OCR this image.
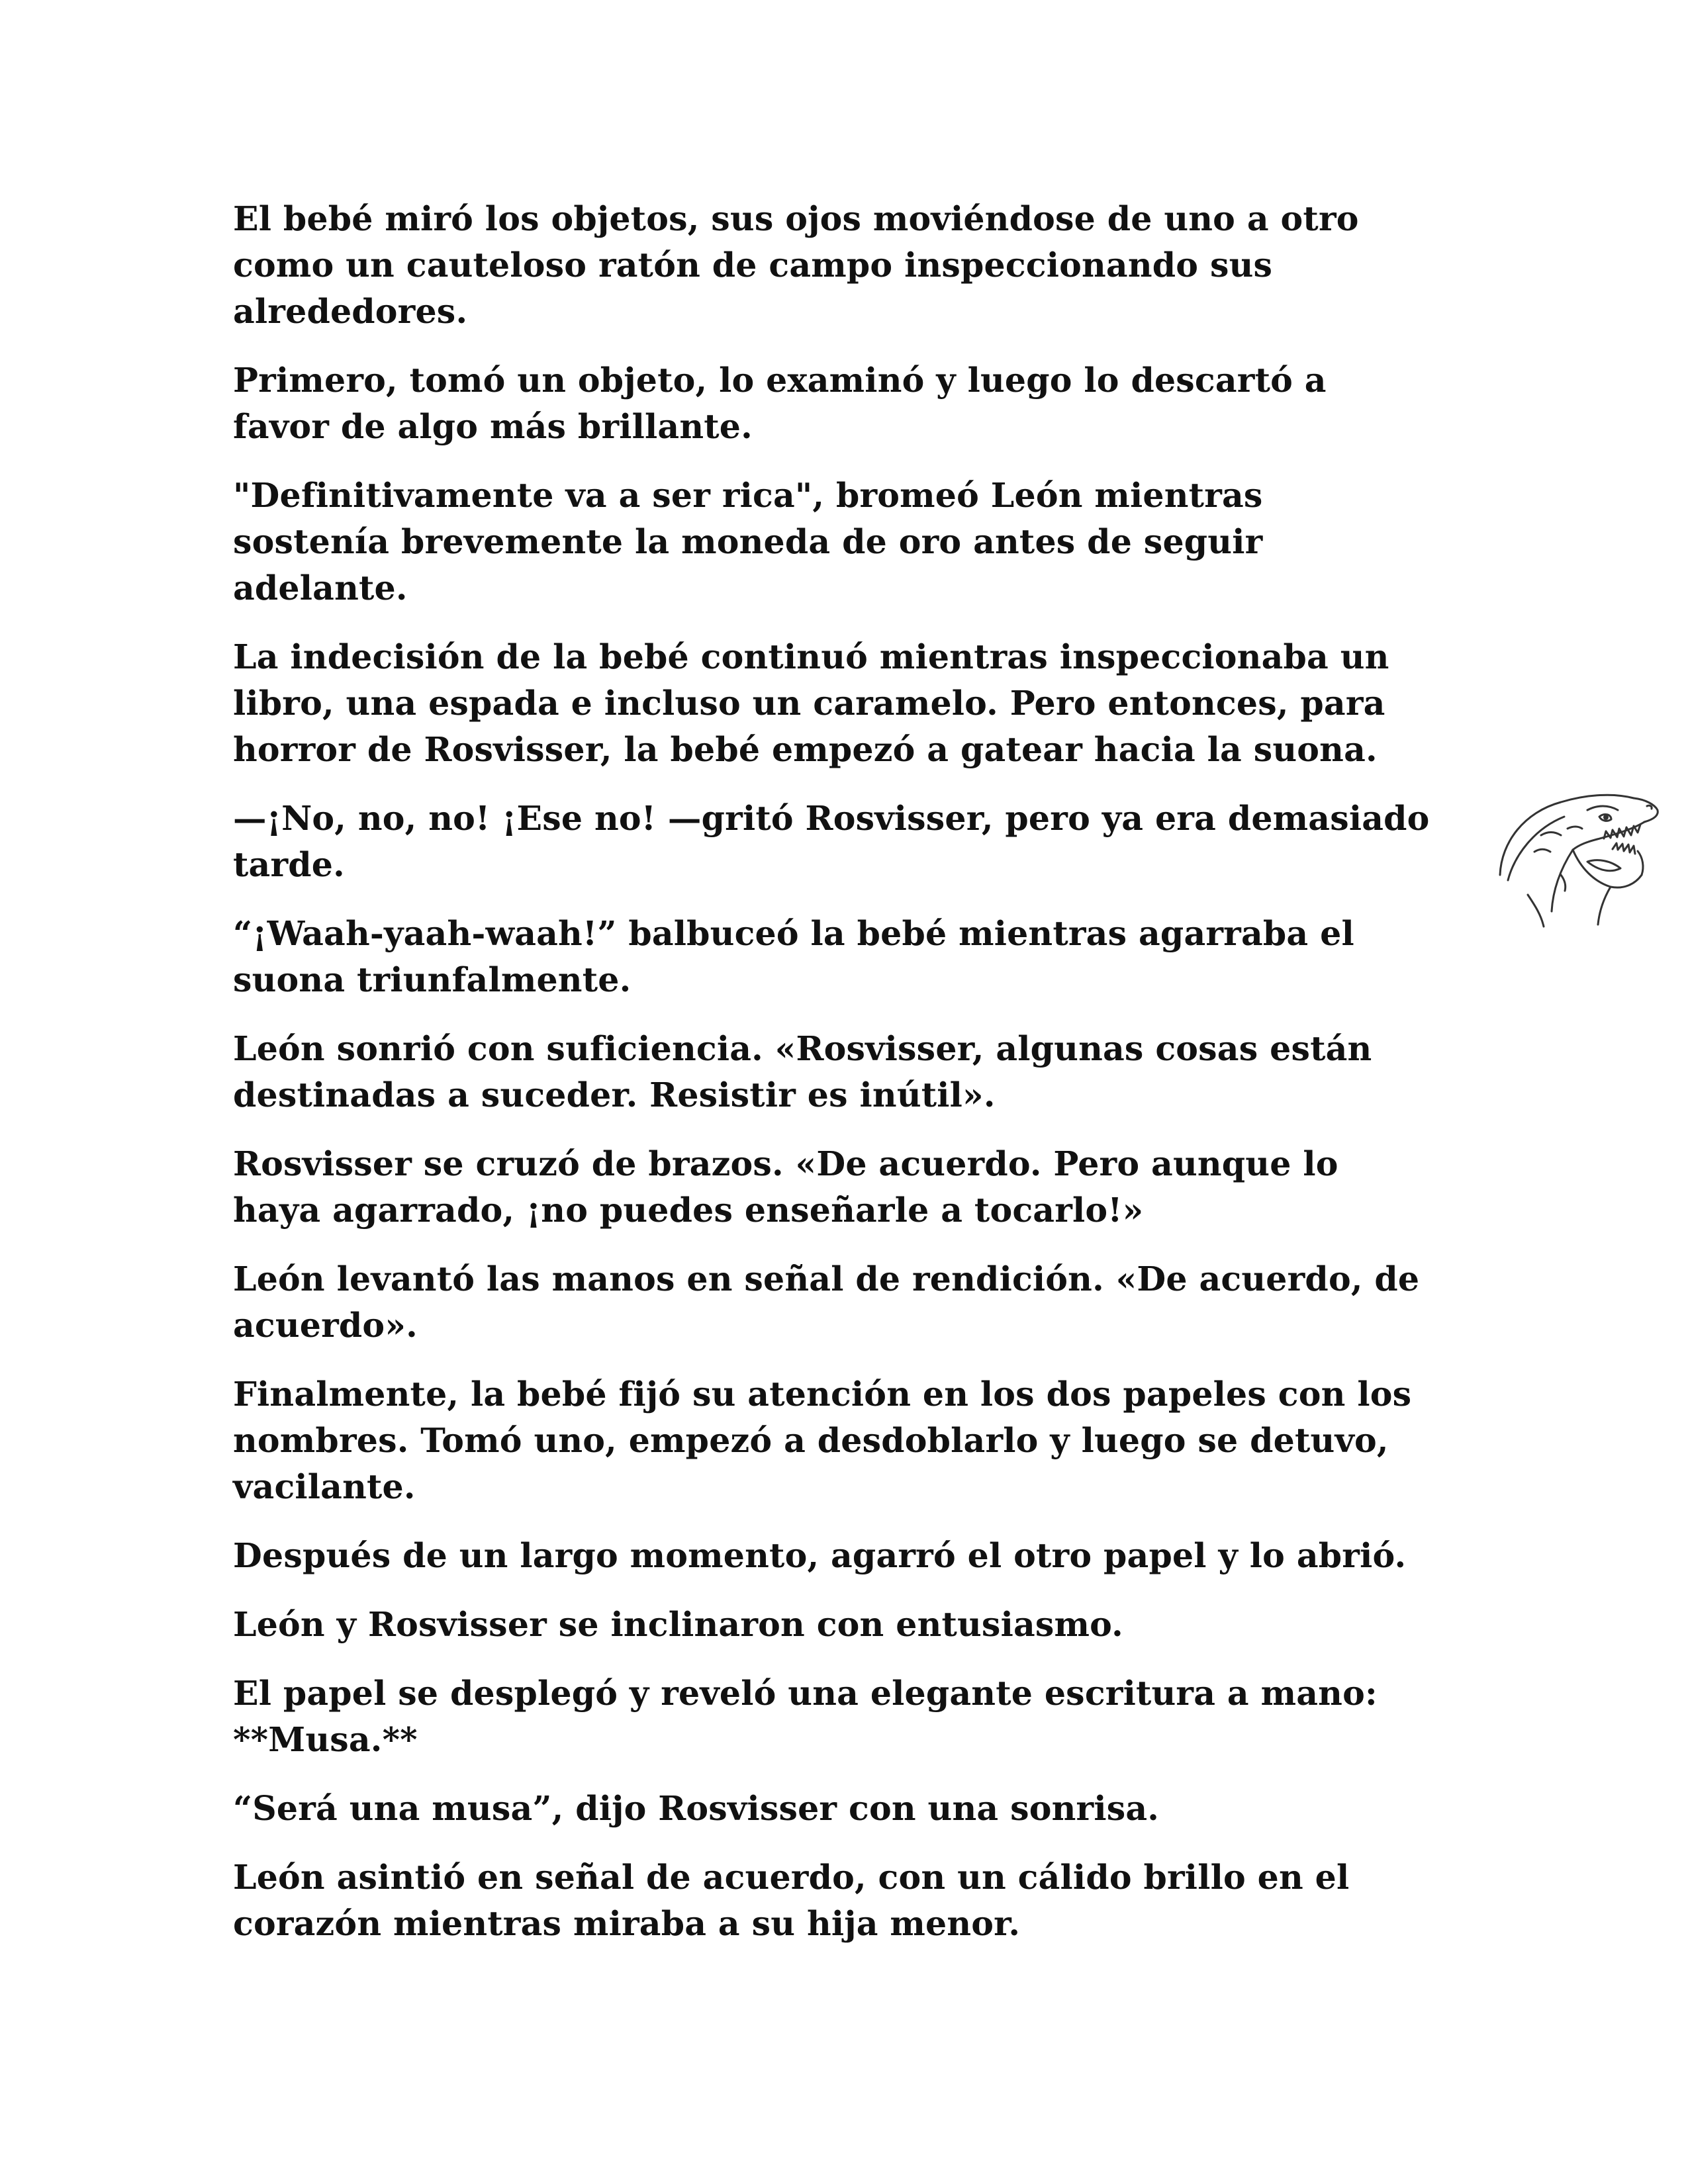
El bebé miró los objetos, sus ojos moviéndose de uno a otro
como un cauteloso ratón de campo inspeccionando sus
alrededores.

Primero, tomó un objeto, lo examinó y luego lo descartó a
favor de algo más brillante.

"Definitivamente va a ser rica", bromeó León mientras
sostenía brevemente la moneda de oro antes de seguir
adelante.

La indecisión de la bebé continuó mientras inspeccionaba un
libro, una espada e incluso un caramelo. Pero entonces, para
horror de Rosvisser, la bebé empezó a gatear hacia la suona.

—¡No, no, no! ¡Ese no! —gritó Rosvisser, pero ya era demasiado
tarde.

“¡Waah-yaah-waah!” balbuceó la bebé mientras agarraba el
suona triunfalmente.

León sonrió con suficiencia. «Rosvisser, algunas cosas están
destinadas a suceder. Resistir es inútil».

Rosvisser se cruzó de brazos. «De acuerdo. Pero aunque lo
haya agarrado, ¡no puedes enseñarle a tocarlo!»

León levantó las manos en señal de rendición. «De acuerdo, de
acuerdo».

Finalmente, la bebé fijó su atención en los dos papeles con los
nombres. Tomó uno, empezó a desdoblarlo y luego se detuvo,
vacilante.

Después de un largo momento, agarró el otro papel y lo abrió.

León y Rosvisser se inclinaron con entusiasmo.

El papel se desplegó y reveló una elegante escritura a mano:
**Musa.**

“Será una musa”, dijo Rosvisser con una sonrisa.

León asintió en señal de acuerdo, con un cálido brillo en el
corazón mientras miraba a su hija menor.
